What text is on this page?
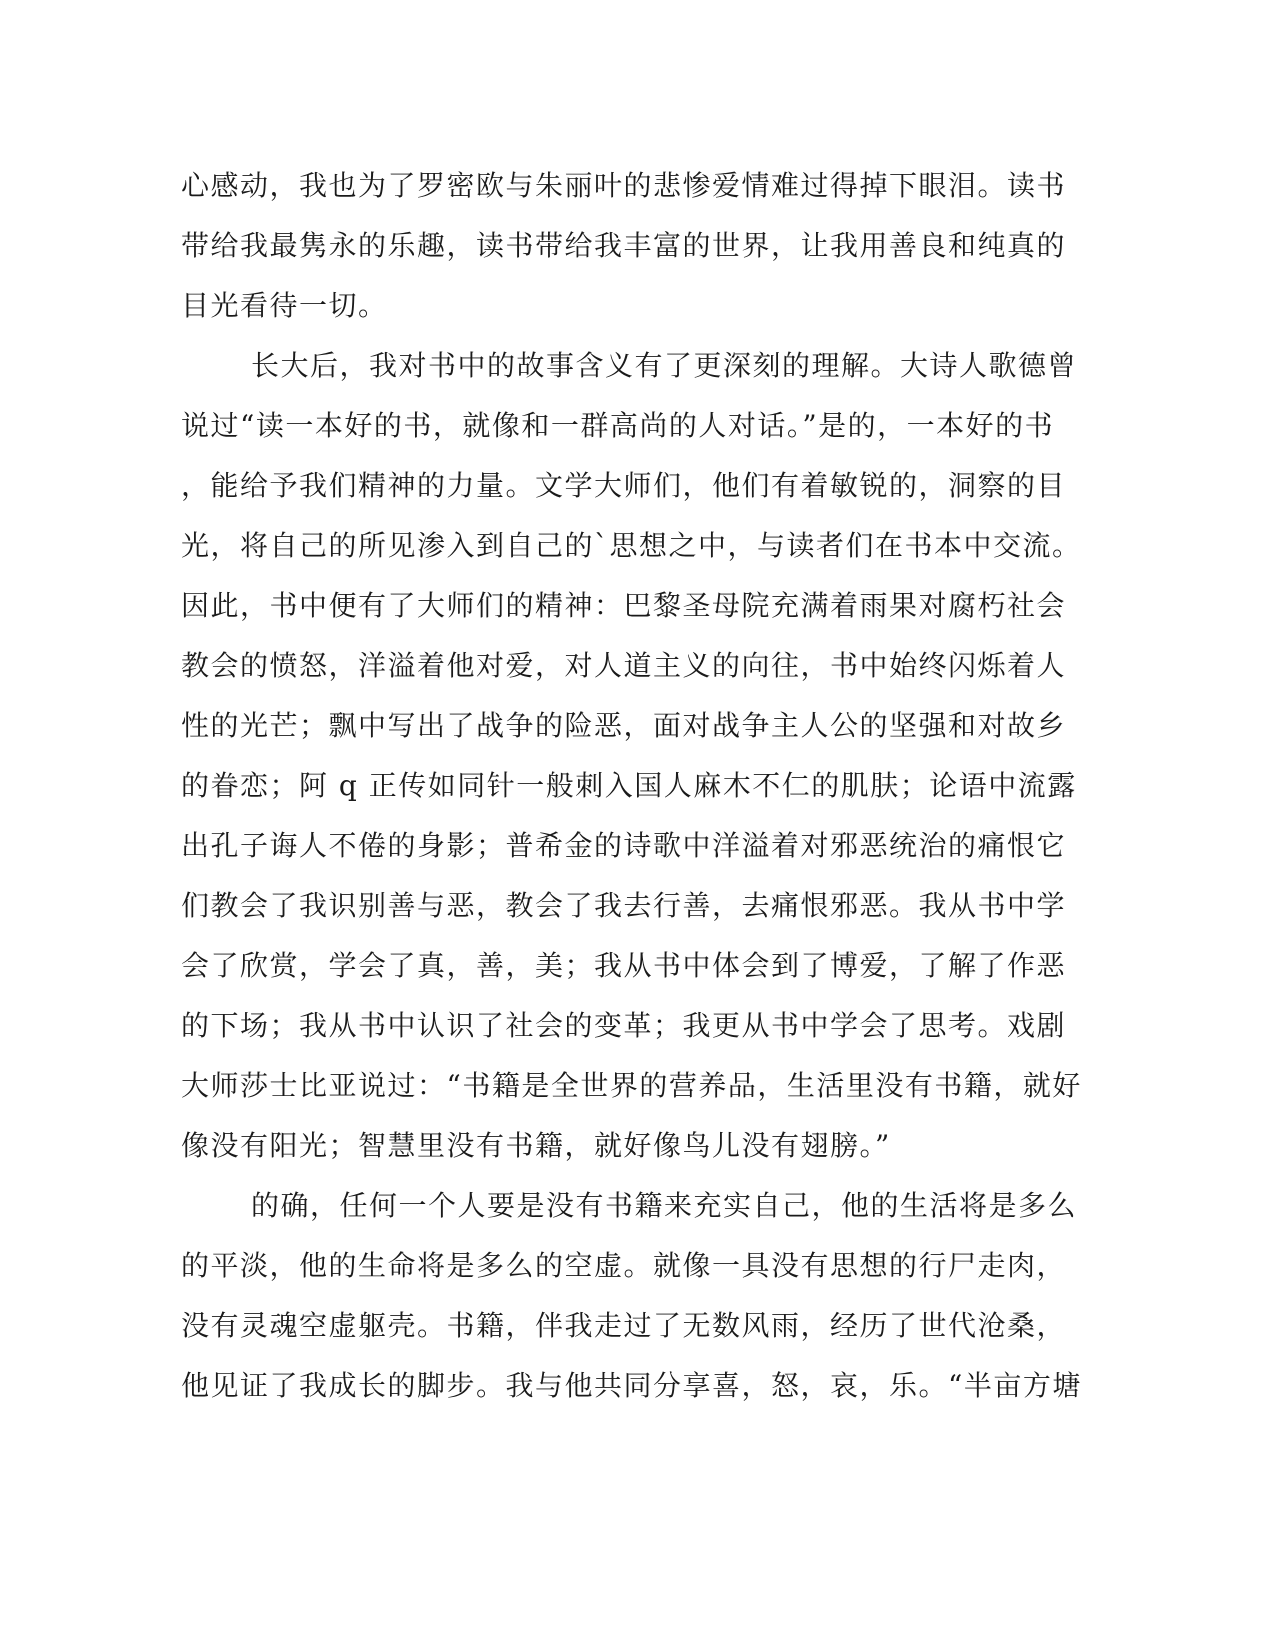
心感动，我也为了罗密欧与朱丽叶的悲惨爱情难过得掉下眼泪。读书
带给我最隽永的乐趣，读书带给我丰富的世界，让我用善良和纯真的
目光看待一切。
长大后，我对书中的故事含义有了更深刻的理解。大诗人歌德曾
说过“读一本好的书，就像和一群高尚的人对话。”是的，一本好的书
，能给予我们精神的力量。文学大师们，他们有着敏锐的，洞察的目
光，将自己的所见渗入到自己的`思想之中，与读者们在书本中交流。
因此，书中便有了大师们的精神：巴黎圣母院充满着雨果对腐朽社会
教会的愤怒，洋溢着他对爱，对人道主义的向往，书中始终闪烁着人
性的光芒；飘中写出了战争的险恶，面对战争主人公的坚强和对故乡
的眷恋；阿 q 正传如同针一般刺入国人麻木不仁的肌肤；论语中流露
出孔子诲人不倦的身影；普希金的诗歌中洋溢着对邪恶统治的痛恨它
们教会了我识别善与恶，教会了我去行善，去痛恨邪恶。我从书中学
会了欣赏，学会了真，善，美；我从书中体会到了博爱，了解了作恶
的下场；我从书中认识了社会的变革；我更从书中学会了思考。戏剧
大师莎士比亚说过：“书籍是全世界的营养品，生活里没有书籍，就好
像没有阳光；智慧里没有书籍，就好像鸟儿没有翅膀。”
的确，任何一个人要是没有书籍来充实自己，他的生活将是多么
的平淡，他的生命将是多么的空虚。就像一具没有思想的行尸走肉，
没有灵魂空虚躯壳。书籍，伴我走过了无数风雨，经历了世代沧桑，
他见证了我成长的脚步。我与他共同分享喜，怒，哀，乐。“半亩方塘
